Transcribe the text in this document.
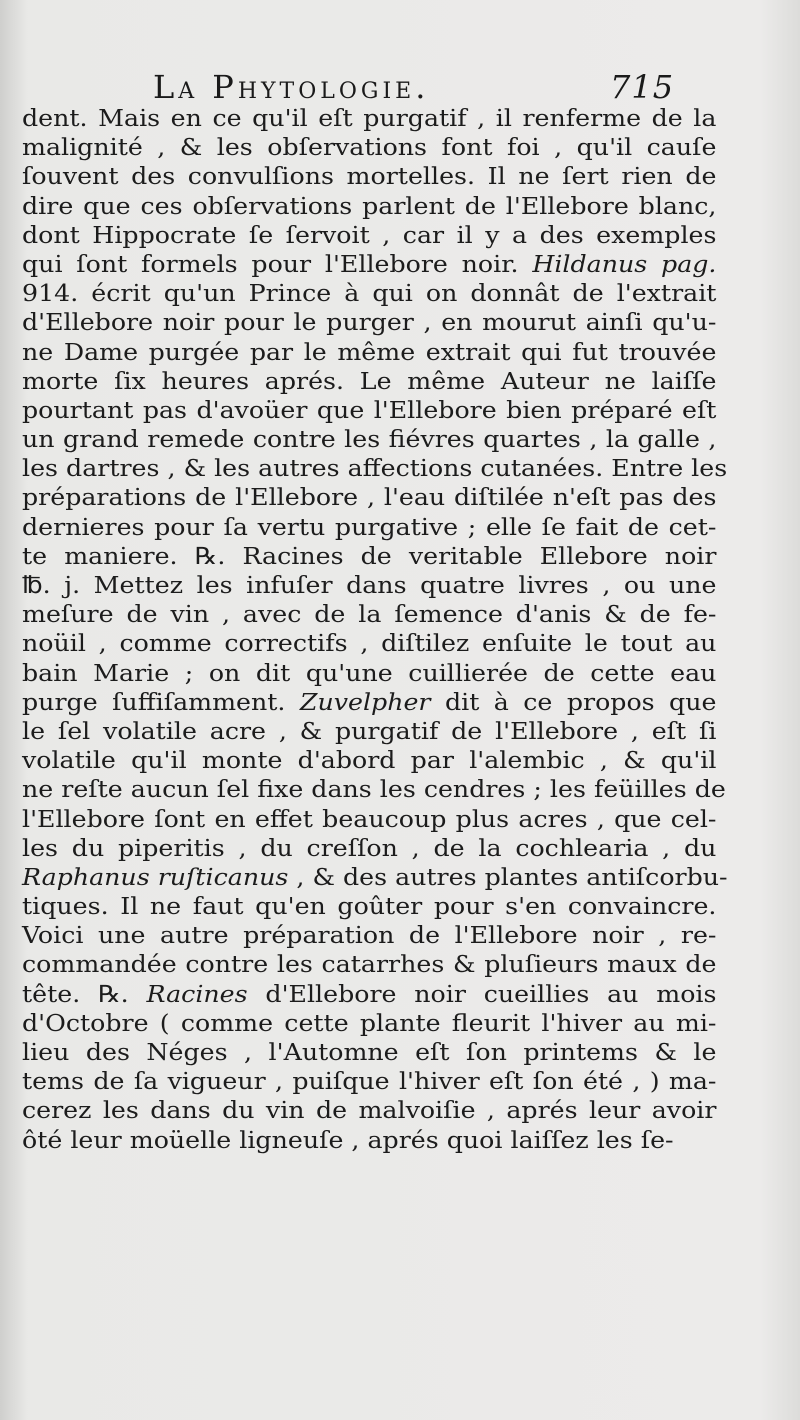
La Phytologie.	715
dent. Mais en ce qu'il eſt purgatif , il renferme de la
malignité , & les obſervations font foi , qu'il cauſe
ſouvent des convulſions mortelles. Il ne ſert rien de
dire que ces obſervations parlent de l'Ellebore blanc,
dont Hippocrate ſe ſervoit , car il y a des exemples
qui ſont formels pour l'Ellebore noir. Hildanus pag.
914. écrit qu'un Prince à qui on donnât de l'extrait
d'Ellebore noir pour le purger , en mourut ainſi qu'u-
ne Dame purgée par le même extrait qui fut trouvée
morte ſix heures aprés. Le même Auteur ne laiſſe
pourtant pas d'avoüer que l'Ellebore bien préparé eſt
un grand remede contre les fiévres quartes , la galle ,
les dartres , & les autres affections cutanées. Entre les
préparations de l'Ellebore , l'eau diſtilée n'eſt pas des
dernieres pour ſa vertu purgative ; elle ſe fait de cet-
te maniere. ℞. Racines de veritable Ellebore noir
℔. j. Mettez les infuſer dans quatre livres , ou une
meſure de vin , avec de la ſemence d'anis & de fe-
noüil , comme correctifs , diſtilez enſuite le tout au
bain Marie ; on dit qu'une cuillierée de cette eau
purge ſuffiſamment. Zuvelpher dit à ce propos que
le ſel volatile acre , & purgatif de l'Ellebore , eſt ſi
volatile qu'il monte d'abord par l'alembic , & qu'il
ne reſte aucun ſel fixe dans les cendres ; les feüilles de
l'Ellebore ſont en effet beaucoup plus acres , que cel-
les du piperitis , du creſſon , de la cochlearia , du
Raphanus ruſticanus , & des autres plantes antiſcorbu-
tiques. Il ne faut qu'en goûter pour s'en convaincre.
Voici une autre préparation de l'Ellebore noir , re-
commandée contre les catarrhes & pluſieurs maux de
tête. ℞. Racines d'Ellebore noir cueillies au mois
d'Octobre ( comme cette plante fleurit l'hiver au mi-
lieu des Néges , l'Automne eſt ſon printems & le
tems de ſa vigueur , puiſque l'hiver eſt ſon été , ) ma-
cerez les dans du vin de malvoiſie , aprés leur avoir
ôté leur moüelle ligneuſe , aprés quoi laiſſez les ſe-
